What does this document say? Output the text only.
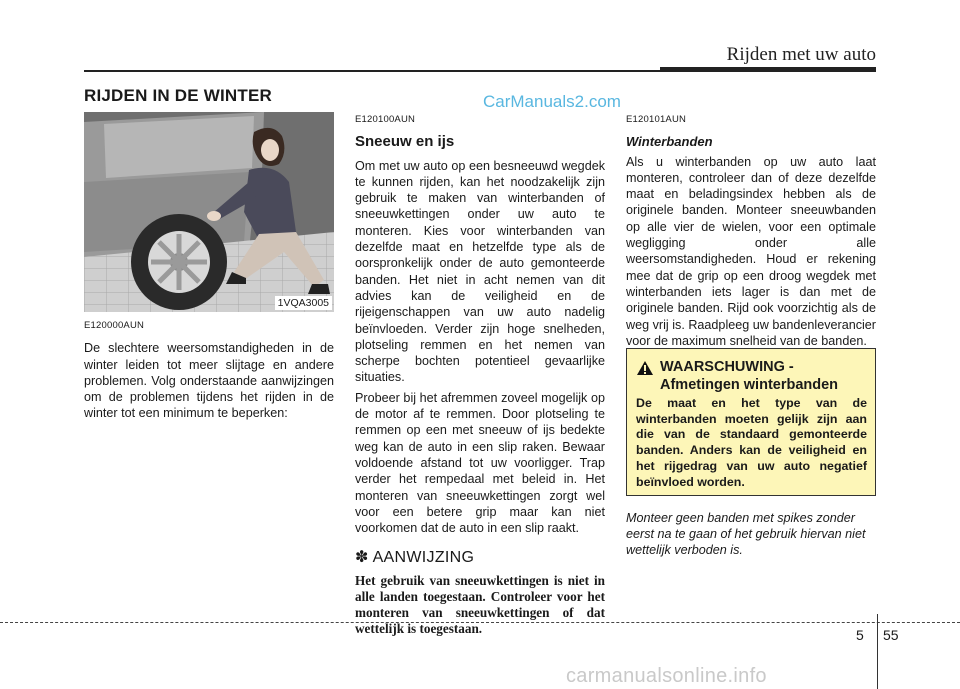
Rijden met uw auto
RIJDEN IN DE WINTER	CarManuals2.com
1VQA3005
E120000AUN

De slechtere weersomstandigheden in de winter leiden tot meer slijtage en andere problemen. Volg onderstaande aanwijzingen om de problemen tijdens het rijden in de winter tot een minimum te beperken:

E120100AUN
Sneeuw en ijs

Om met uw auto op een besneeuwd wegdek te kunnen rijden, kan het noodzakelijk zijn gebruik te maken van winterbanden of sneeuwkettingen onder uw auto te monteren. Kies voor winterbanden van dezelfde maat en hetzelfde type als de oorspronkelijk onder de auto gemonteerde banden. Het niet in acht nemen van dit advies kan de veiligheid en de rijeigenschappen van uw auto nadelig beïnvloeden. Verder zijn hoge snelheden, plotseling remmen en het nemen van scherpe bochten potentieel gevaarlijke situaties.

Probeer bij het afremmen zoveel mogelijk op de motor af te remmen. Door plotseling te remmen op een met sneeuw of ijs bedekte weg kan de auto in een slip raken. Bewaar voldoende afstand tot uw voorligger. Trap verder het rempedaal met beleid in. Het monteren van sneeuwkettingen zorgt wel voor een betere grip maar kan niet voorkomen dat de auto in een slip raakt.

✽ AANWIJZING
Het gebruik van sneeuwkettingen is niet in alle landen toegestaan. Controleer voor het monteren van sneeuwkettingen of dat wettelijk is toegestaan.
E120101AUN
Winterbanden

Als u winterbanden op uw auto laat monteren, controleer dan of deze dezelfde maat en beladingsindex hebben als de originele banden. Monteer sneeuwbanden op alle vier de wielen, voor een optimale wegligging onder alle weersomstandigheden. Houd er rekening mee dat de grip op een droog wegdek met winterbanden iets lager is dan met de originele banden. Rijd ook voorzichtig als de weg vrij is. Raadpleeg uw bandenleverancier voor de maximum snelheid van de banden.

WAARSCHUWING -
Afmetingen winterbanden
De maat en het type van de winterbanden moeten gelijk zijn aan die van de standaard gemonteerde banden. Anders kan de veiligheid en het rijgedrag van uw auto negatief beïnvloed worden.
Monteer geen banden met spikes zonder eerst na te gaan of het gebruik hiervan niet wettelijk verboden is.
5 55
carmanualsonline.info
